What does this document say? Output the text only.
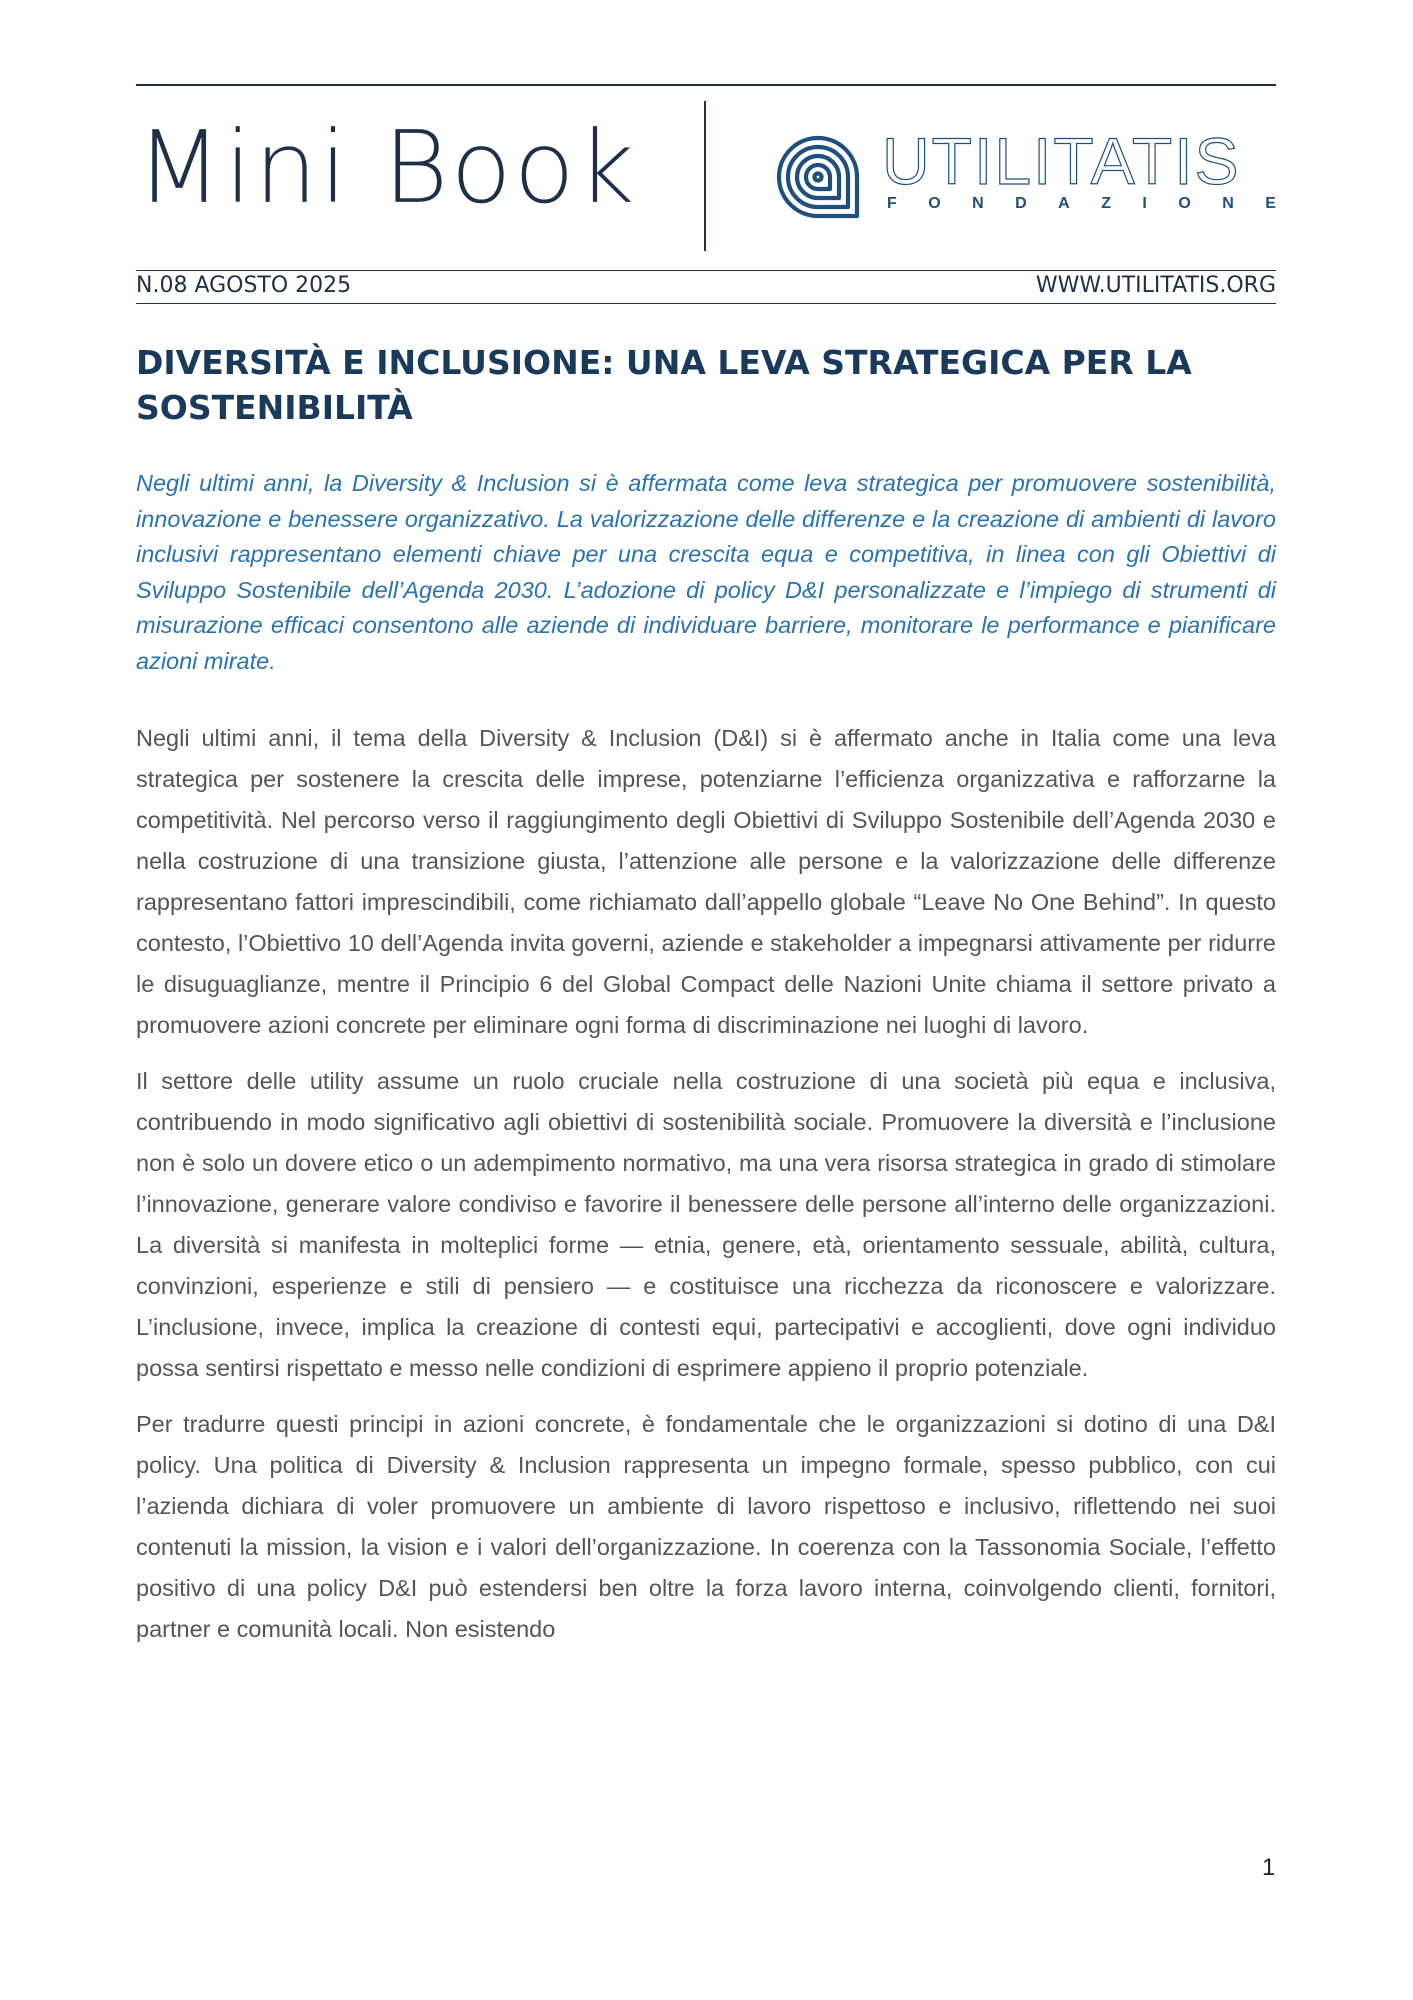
Mini Book	UTILITATIS
F O N D A Z I O N E
N.08 AGOSTO 2025	WWW.UTILITATIS.ORG
DIVERSITÀ E INCLUSIONE: UNA LEVA STRATEGICA PER LA SOSTENIBILITÀ

Negli ultimi anni, la Diversity & Inclusion si è affermata come leva strategica per promuovere sostenibilità, innovazione e benessere organizzativo. La valorizzazione delle differenze e la creazione di ambienti di lavoro inclusivi rappresentano elementi chiave per una crescita equa e competitiva, in linea con gli Obiettivi di Sviluppo Sostenibile dell’Agenda 2030. L’adozione di policy D&I personalizzate e l’impiego di strumenti di misurazione efficaci consentono alle aziende di individuare barriere, monitorare le performance e pianificare azioni mirate.

Negli ultimi anni, il tema della Diversity & Inclusion (D&I) si è affermato anche in Italia come una leva strategica per sostenere la crescita delle imprese, potenziarne l’efficienza organizzativa e rafforzarne la competitività. Nel percorso verso il raggiungimento degli Obiettivi di Sviluppo Sostenibile dell’Agenda 2030 e nella costruzione di una transizione giusta, l’attenzione alle persone e la valorizzazione delle differenze rappresentano fattori imprescindibili, come richiamato dall’appello globale “Leave No One Behind”. In questo contesto, l’Obiettivo 10 dell’Agenda invita governi, aziende e stakeholder a impegnarsi attivamente per ridurre le disuguaglianze, mentre il Principio 6 del Global Compact delle Nazioni Unite chiama il settore privato a promuovere azioni concrete per eliminare ogni forma di discriminazione nei luoghi di lavoro.

Il settore delle utility assume un ruolo cruciale nella costruzione di una società più equa e inclusiva, contribuendo in modo significativo agli obiettivi di sostenibilità sociale. Promuovere la diversità e l’inclusione non è solo un dovere etico o un adempimento normativo, ma una vera risorsa strategica in grado di stimolare l’innovazione, generare valore condiviso e favorire il benessere delle persone all’interno delle organizzazioni. La diversità si manifesta in molteplici forme — etnia, genere, età, orientamento sessuale, abilità, cultura, convinzioni, esperienze e stili di pensiero — e costituisce una ricchezza da riconoscere e valorizzare. L’inclusione, invece, implica la creazione di contesti equi, partecipativi e accoglienti, dove ogni individuo possa sentirsi rispettato e messo nelle condizioni di esprimere appieno il proprio potenziale.

Per tradurre questi principi in azioni concrete, è fondamentale che le organizzazioni si dotino di una D&I policy. Una politica di Diversity & Inclusion rappresenta un impegno formale, spesso pubblico, con cui l’azienda dichiara di voler promuovere un ambiente di lavoro rispettoso e inclusivo, riflettendo nei suoi contenuti la mission, la vision e i valori dell’organizzazione. In coerenza con la Tassonomia Sociale, l’effetto positivo di una policy D&I può estendersi ben oltre la forza lavoro interna, coinvolgendo clienti, fornitori, partner e comunità locali. Non esistendo

1
